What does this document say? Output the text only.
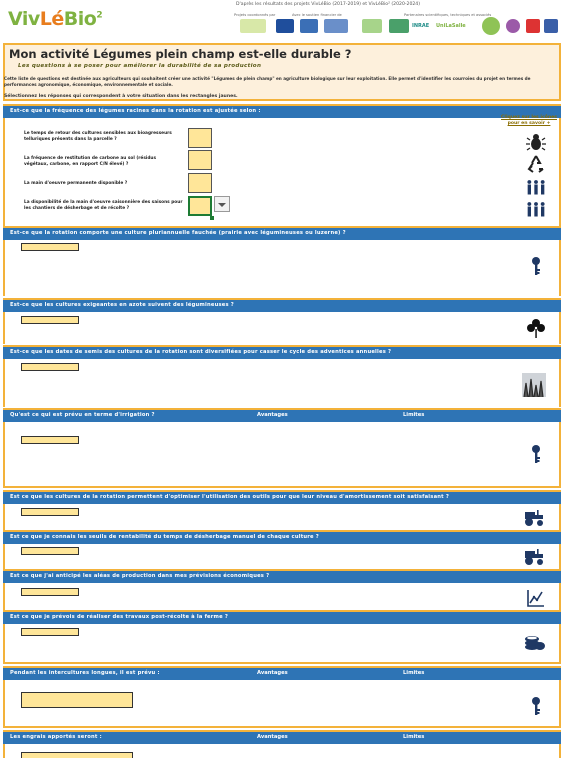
VivLéBio$^2$
D'après les résultats des projets VivLéBio (2017-2019) et VivLéBio² (2020-2024)
Projets coordonnés par	Avec le soutien financier de	Partenaires scientifiques, techniques et associés
INRAE UniLaSalle
Mon activité Légumes plein champ est-elle durable ?
Les questions à se poser pour améliorer la durabilité de sa production
Cette liste de questions est destinée aux agriculteurs qui souhaitent créer une activité "Légumes de plein champ" en agriculture biologique sur leur exploitation. Elle permet d'identifier les courroies du projet en termes de performances agronomique, économique, environnementale et sociale.
Sélectionnez les réponses qui correspondent à votre situation dans les rectangles jaunes.
Est-ce que la fréquence des légumes racines dans la rotation est ajustée selon :
Cliquez sur les icônes pour en savoir +
Le temps de retour des cultures sensibles aux bioagresseurs telluriques présents dans la parcelle ?
La fréquence de restitution de carbone au sol (résidus végétaux, carbone, en rapport C/N élevé) ?
La main d'oeuvre permanente disponible ?
La disponibilité de la main d'oeuvre saisonnière des saisons pour les chantiers de désherbage et de récolte ?
Est-ce que la rotation comporte une culture pluriannuelle fauchée (prairie avec légumineuses ou luzerne) ?
Est-ce que les cultures exigeantes en azote suivent des légumineuses ?
Est-ce que les dates de semis des cultures de la rotation sont diversifiées pour casser le cycle des adventices annuelles ?
Qu'est ce qui est prévu en terme d'irrigation ?	Avantages	Limites
Est ce que les cultures de la rotation permettent d'optimiser l'utilisation des outils pour que leur niveau d'amortissement soit satisfaisant ?
Est ce que je connais les seuils de rentabilité du temps de désherbage manuel de chaque culture ?
Est ce que j'ai anticipé les aléas de production dans mes prévisions économiques ?
Est ce que je prévois de réaliser des travaux post-récolte à la ferme ?
Pendant les intercultures longues, il est prévu :	Avantages	Limites
Les engrais apportés seront :	Avantages	Limites
